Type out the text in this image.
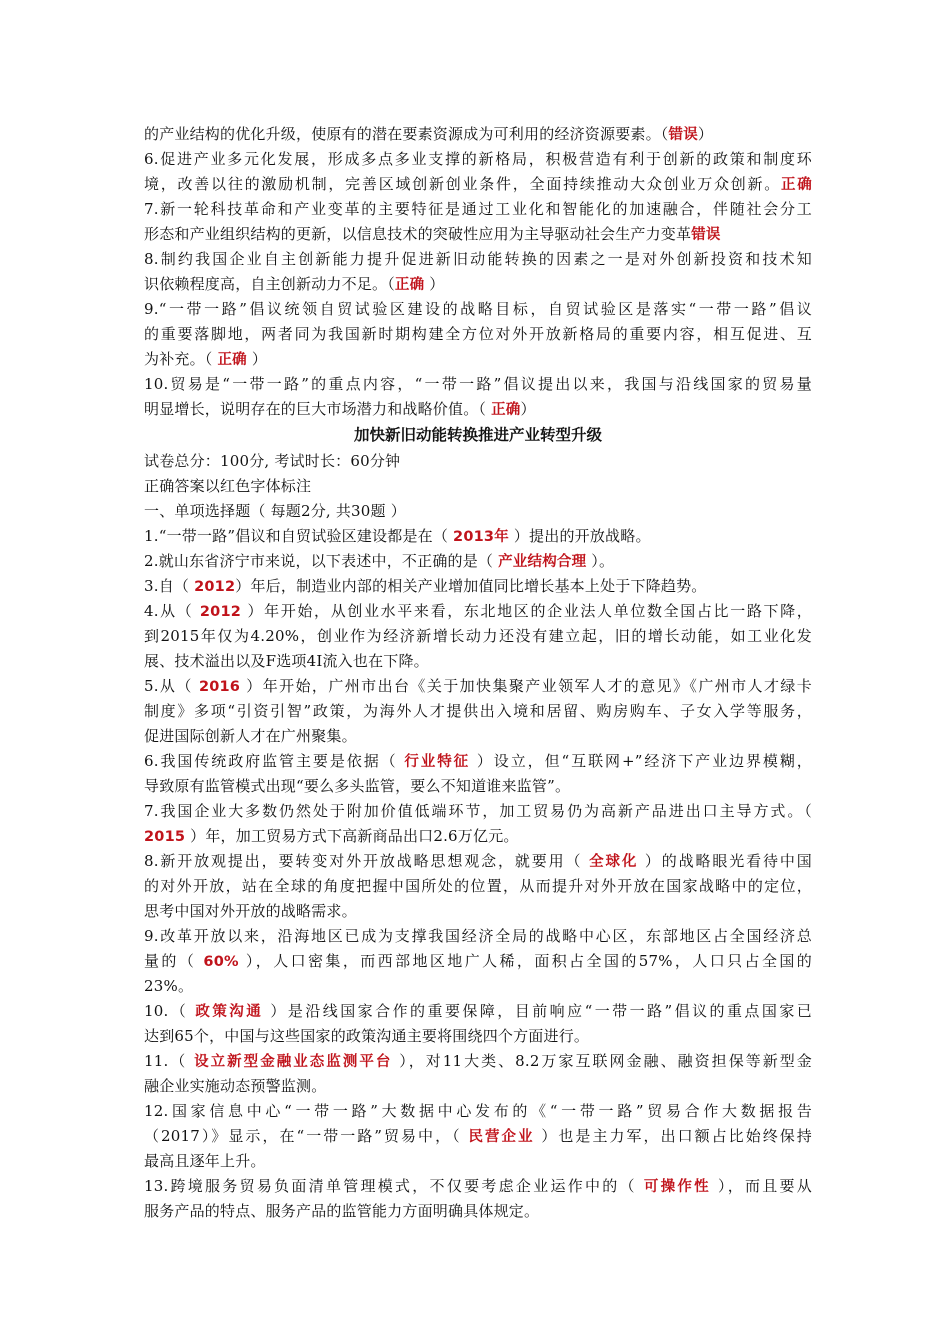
的产业结构的优化升级，使原有的潜在要素资源成为可利用的经济资源要素。（错误）
6.促进产业多元化发展，形成多点多业支撑的新格局，积极营造有利于创新的政策和制度环
境，改善以往的激励机制，完善区域创新创业条件，全面持续推动大众创业万众创新。正确
7.新一轮科技革命和产业变革的主要特征是通过工业化和智能化的加速融合，伴随社会分工
形态和产业组织结构的更新，以信息技术的突破性应用为主导驱动社会生产力变革错误
8.制约我国企业自主创新能力提升促进新旧动能转换的因素之一是对外创新投资和技术知
识依赖程度高，自主创新动力不足。（正确 ）
9.“一带一路”倡议统领自贸试验区建设的战略目标，自贸试验区是落实“一带一路”倡议
的重要落脚地，两者同为我国新时期构建全方位对外开放新格局的重要内容，相互促进、互
为补充。（ 正确 ）
10.贸易是“一带一路”的重点内容，“一带一路”倡议提出以来，我国与沿线国家的贸易量
明显增长，说明存在的巨大市场潜力和战略价值。（ 正确）
加快新旧动能转换推进产业转型升级
试卷总分：100分, 考试时长：60分钟
正确答案以红色字体标注
一、单项选择题（ 每题2分, 共30题 ）
1.“一带一路”倡议和自贸试验区建设都是在（ 2013年 ）提出的开放战略。
2.就山东省济宁市来说，以下表述中，不正确的是（ 产业结构合理 ）。
3.自（ 2012）年后，制造业内部的相关产业增加值同比增长基本上处于下降趋势。
4.从（ 2012 ）年开始，从创业水平来看，东北地区的企业法人单位数全国占比一路下降，
到2015年仅为4.20%，创业作为经济新增长动力还没有建立起，旧的增长动能，如工业化发
展、技术溢出以及F选项4I流入也在下降。
5.从（ 2016 ）年开始，广州市出台《关于加快集聚产业领军人才的意见》《广州市人才绿卡
制度》多项“引资引智”政策，为海外人才提供出入境和居留、购房购车、子女入学等服务，
促进国际创新人才在广州聚集。
6.我国传统政府监管主要是依据（ 行业特征 ）设立，但“互联网+”经济下产业边界模糊，
导致原有监管模式出现“要么多头监管，要么不知道谁来监管”。
7.我国企业大多数仍然处于附加价值低端环节，加工贸易仍为高新产品进出口主导方式。（
2015 ）年，加工贸易方式下高新商品出口2.6万亿元。
8.新开放观提出，要转变对外开放战略思想观念，就要用（ 全球化 ）的战略眼光看待中国
的对外开放，站在全球的角度把握中国所处的位置，从而提升对外开放在国家战略中的定位，
思考中国对外开放的战略需求。
9.改革开放以来，沿海地区已成为支撑我国经济全局的战略中心区，东部地区占全国经济总
量的（ 60% ），人口密集，而西部地区地广人稀，面积占全国的57%，人口只占全国的
23%。
10.（ 政策沟通 ）是沿线国家合作的重要保障，目前响应“一带一路”倡议的重点国家已
达到65个，中国与这些国家的政策沟通主要将围绕四个方面进行。
11.（ 设立新型金融业态监测平台 ），对11大类、8.2万家互联网金融、融资担保等新型金
融企业实施动态预警监测。
12.国家信息中心“一带一路”大数据中心发布的《“一带一路”贸易合作大数据报告
（2017）》显示，在“一带一路”贸易中，（ 民营企业 ）也是主力军，出口额占比始终保持
最高且逐年上升。
13.跨境服务贸易负面清单管理模式，不仅要考虑企业运作中的（ 可操作性 ），而且要从
服务产品的特点、服务产品的监管能力方面明确具体规定。
